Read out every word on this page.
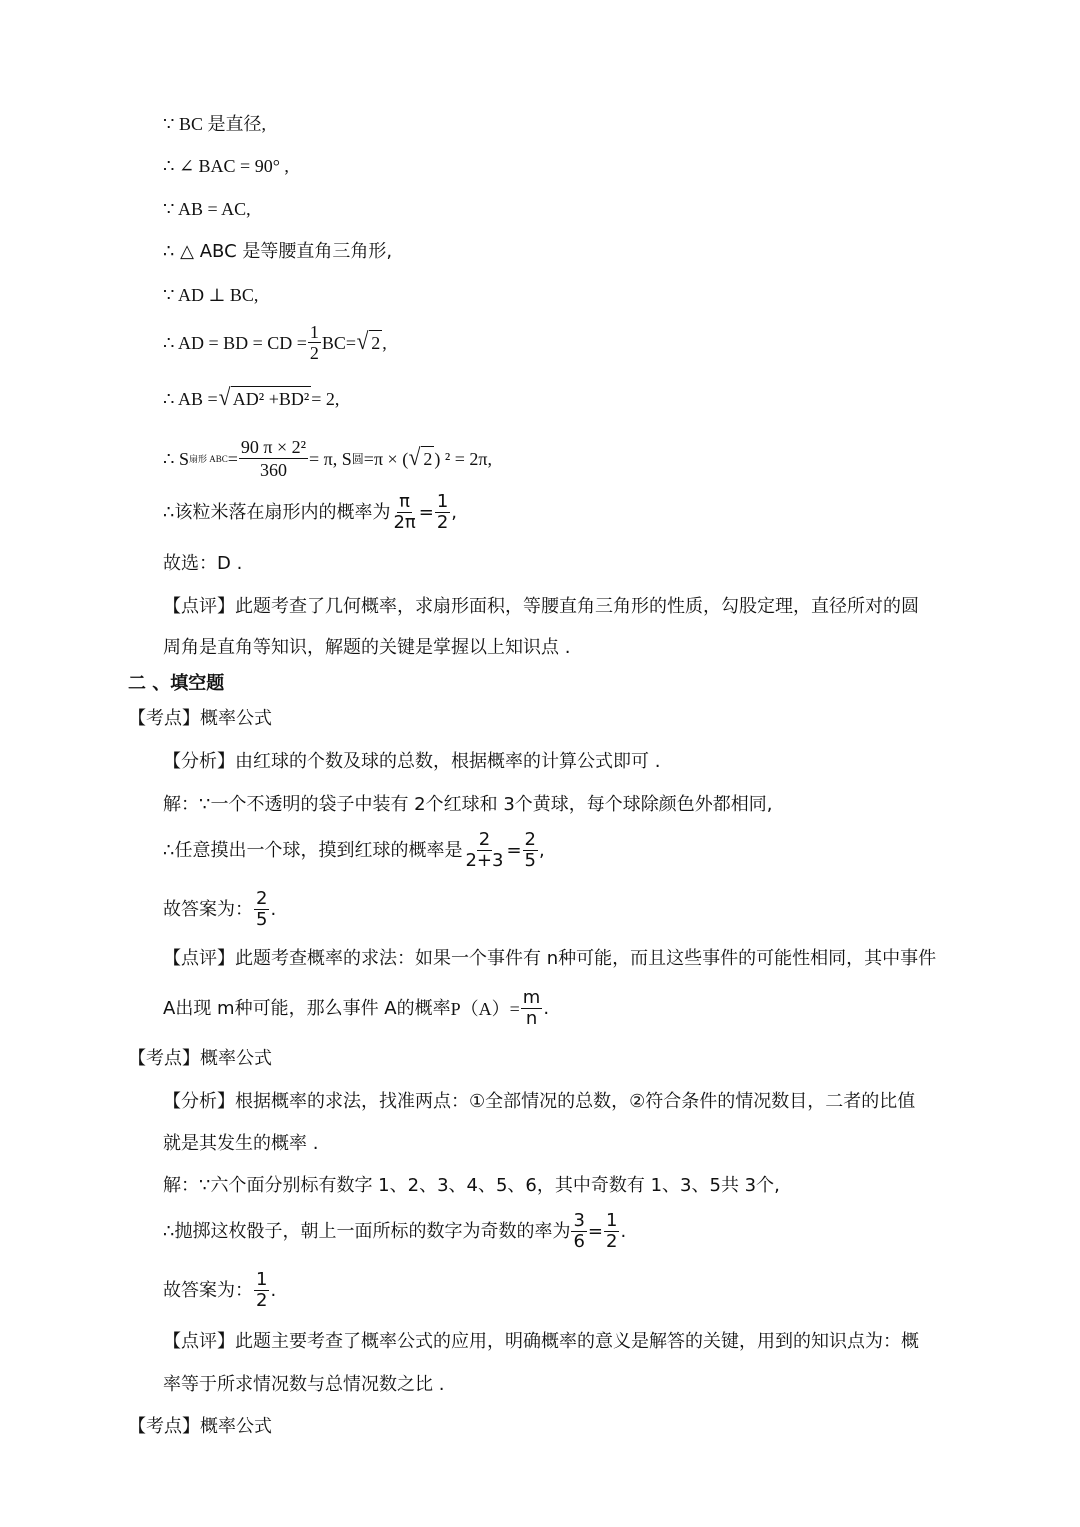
∵ BC 是直径,
∴ ∠ BAC = 90° ,
∵ AB = AC,
∴ △ ABC 是等腰直角三角形,
∵ AD ⊥ BC,
∴ AD = BD = CD = $\frac{1}{2} BC=$ √ 2 ,
∴ AB = √ AD² +BD² = 2,
∴ S扇形 $ABC= \frac{\text{90 π × 2²}}{360} = \pi$, S圆=π × ( √ 2 ) ² = 2π,
∴该粒米落在扇形内的概率为 $\frac{\pi}{2\pi} = \frac{1}{2}$ ,
故选：D .
【点评】此题考查了几何概率，求扇形面积，等腰直角三角形的性质，勾股定理，直径所对的圆
周角是直角等知识，解题的关键是掌握以上知识点 .
二 、填空题
【考点】概率公式
【分析】由红球的个数及球的总数，根据概率的计算公式即可 .
解：∵一个不透明的袋子中装有 2个红球和 3个黄球，每个球除颜色外都相同,
∴任意摸出一个球，摸到红球的概率是 $\frac{2}{2+3} = \frac{2}{5}$ ,
故答案为： $\frac{2}{5}$ .
【点评】此题考查概率的求法：如果一个事件有 n种可能，而且这些事件的可能性相同，其中事件
A出现 m种可能，那么事件 A的概率$P(A)= \frac{m}{n}$ .
【考点】概率公式
【分析】根据概率的求法，找准两点：①全部情况的总数，②符合条件的情况数目，二者的比值
就是其发生的概率 .
解：∵六个面分别标有数字 1、2、3、4、5、6，其中奇数有 1、3、5共 3个,
∴抛掷这枚骰子，朝上一面所标的数字为奇数的率为 $\frac{3}{6} = \frac{1}{2}$ .
故答案为： $\frac{1}{2}$ .
【点评】此题主要考查了概率公式的应用，明确概率的意义是解答的关键，用到的知识点为：概
率等于所求情况数与总情况数之比 .
【考点】概率公式
